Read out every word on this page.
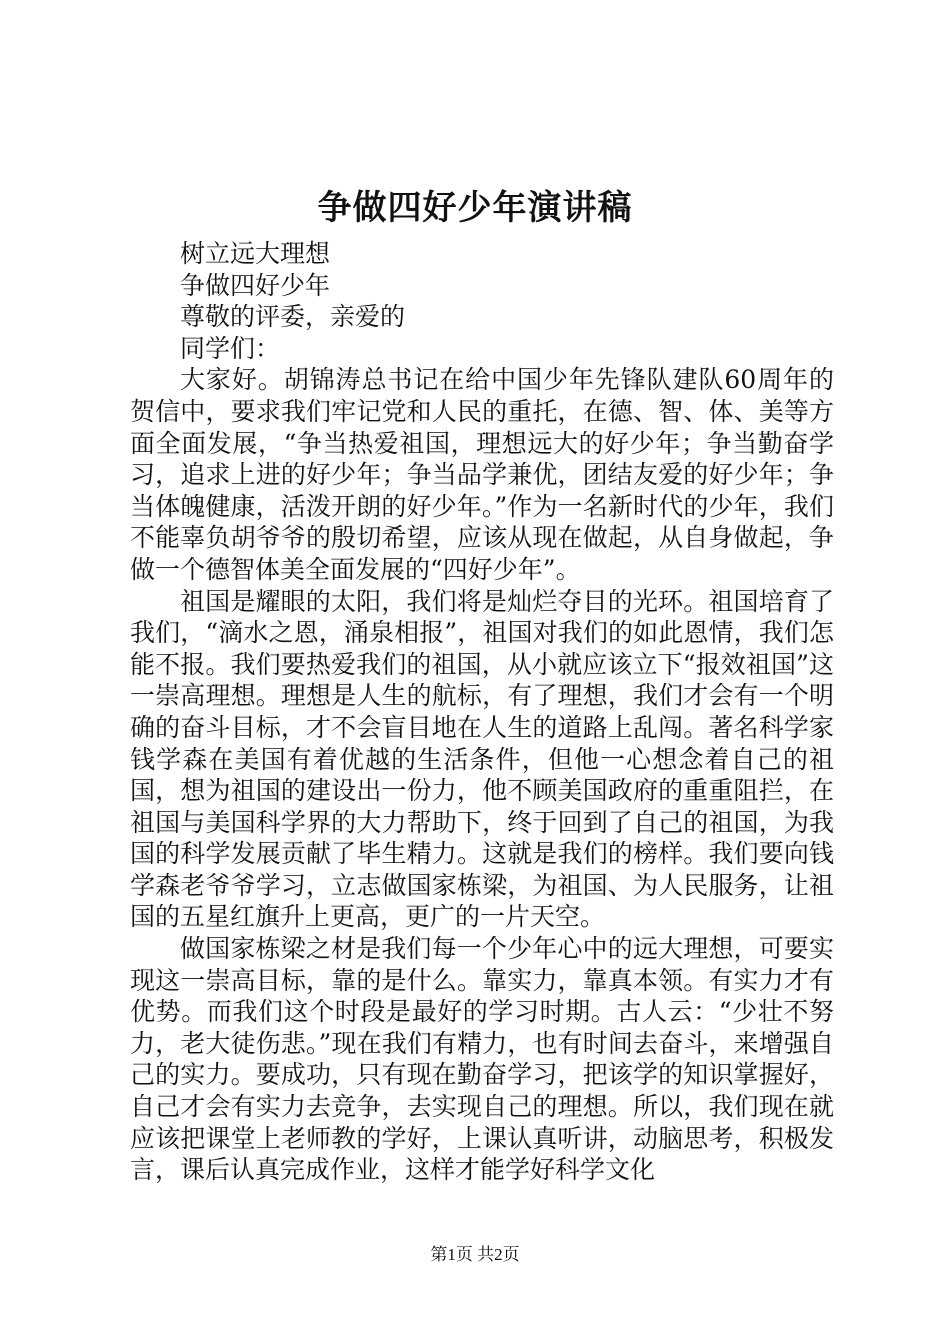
争做四好少年演讲稿

树立远大理想

争做四好少年

尊敬的评委，亲爱的

同学们：

大家好。胡锦涛总书记在给中国少年先锋队建队60周年的贺信中，要求我们牢记党和人民的重托，在德、智、体、美等方面全面发展，“争当热爱祖国，理想远大的好少年；争当勤奋学习，追求上进的好少年；争当品学兼优，团结友爱的好少年；争当体魄健康，活泼开朗的好少年。”作为一名新时代的少年，我们不能辜负胡爷爷的殷切希望，应该从现在做起，从自身做起，争做一个德智体美全面发展的“四好少年”。

祖国是耀眼的太阳，我们将是灿烂夺目的光环。祖国培育了我们，“滴水之恩，涌泉相报”，祖国对我们的如此恩情，我们怎能不报。我们要热爱我们的祖国，从小就应该立下“报效祖国”这一崇高理想。理想是人生的航标，有了理想，我们才会有一个明确的奋斗目标，才不会盲目地在人生的道路上乱闯。著名科学家钱学森在美国有着优越的生活条件，但他一心想念着自己的祖国，想为祖国的建设出一份力，他不顾美国政府的重重阻拦，在祖国与美国科学界的大力帮助下，终于回到了自己的祖国，为我国的科学发展贡献了毕生精力。这就是我们的榜样。我们要向钱学森老爷爷学习，立志做国家栋梁，为祖国、为人民服务，让祖国的五星红旗升上更高，更广的一片天空。

做国家栋梁之材是我们每一个少年心中的远大理想，可要实现这一崇高目标，靠的是什么。靠实力，靠真本领。有实力才有优势。而我们这个时段是最好的学习时期。古人云：“少壮不努力，老大徒伤悲。”现在我们有精力，也有时间去奋斗，来增强自己的实力。要成功，只有现在勤奋学习，把该学的知识掌握好，自己才会有实力去竞争，去实现自己的理想。所以，我们现在就应该把课堂上老师教的学好，上课认真听讲，动脑思考，积极发言，课后认真完成作业，这样才能学好科学文化

第1页 共2页
